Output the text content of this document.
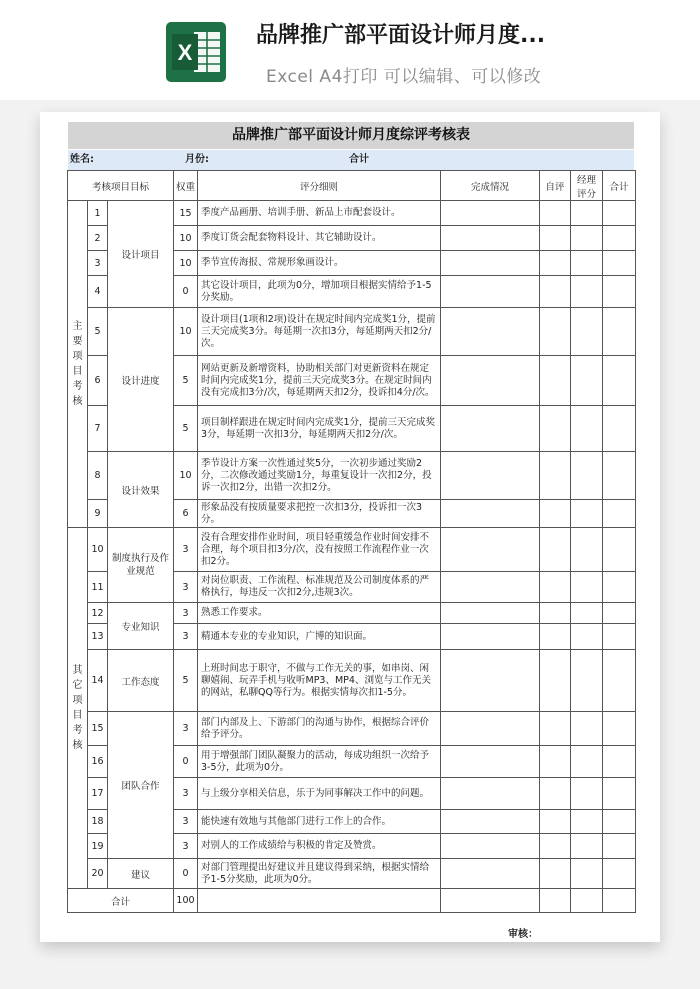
X
品牌推广部平面设计师月度...
Excel A4打印 可以编辑、可以修改
品牌推广部平面设计师月度综评考核表
姓名:	月份:	合计
考核项目目标			权重	评分细则	完成情况	自评	经理评分	合计

主要项目考核	1	设计项目	15	季度产品画册、培训手册、新品上市配套设计。				
	2		10	季度订货会配套物料设计、其它辅助设计。				
	3		10	季节宣传海报、常规形象画设计。				
	4		0	其它设计项目，此项为0分，增加项目根据实情给予1-5分奖励。				
	5	设计进度	10	设计项目(1项和2项)设计在规定时间内完成奖1分，提前三天完成奖3分。每延期一次扣3分，每延期两天扣2分/次。				
	6		5	网站更新及新增资料，协助相关部门对更新资料在规定时间内完成奖1分，提前三天完成奖3分。在规定时间内没有完成扣3分/次，每延期两天扣2分，投诉扣4分/次。				
	7		5	项目制样跟进在规定时间内完成奖1分，提前三天完成奖3分，每延期一次扣3分，每延期两天扣2分/次。				
	8	设计效果	10	季节设计方案一次性通过奖5分，一次初步通过奖励2分，二次修改通过奖励1分，每重复设计一次扣2分，投诉一次扣2分，出错一次扣2分。				
	9		6	形象品没有按质量要求把控一次扣3分，投诉扣一次3分。				

其它项目考核	10	制度执行及作业规范	3	没有合理安排作业时间，项目轻重缓急作业时间安排不合理，每个项目扣3分/次，没有按照工作流程作业一次扣2分。				
	11		3	对岗位职责、工作流程、标准规范及公司制度体系的严格执行，每违反一次扣2分,违规3次。				
	12	专业知识	3	熟悉工作要求。				
	13		3	精通本专业的专业知识，广博的知识面。				
	14	工作态度	5	上班时间忠于职守，不做与工作无关的事，如串岗、闲聊嬉闹、玩弄手机与收听MP3、MP4、浏览与工作无关的网站，私聊QQ等行为。根据实情每次扣1-5分。				
	15	团队合作	3	部门内部及上、下游部门的沟通与协作，根据综合评价给予评分。				
	16		0	用于增强部门团队凝聚力的活动，每成功组织一次给予3-5分，此项为0分。				
	17		3	与上级分享相关信息，乐于为同事解决工作中的问题。				
	18		3	能快速有效地与其他部门进行工作上的合作。				
	19		3	对别人的工作成绩给与积极的肯定及赞赏。				
	20	建议	0	对部门管理提出好建议并且建议得到采纳，根据实情给予1-5分奖励，此项为0分。				
合计			100					
审核：
